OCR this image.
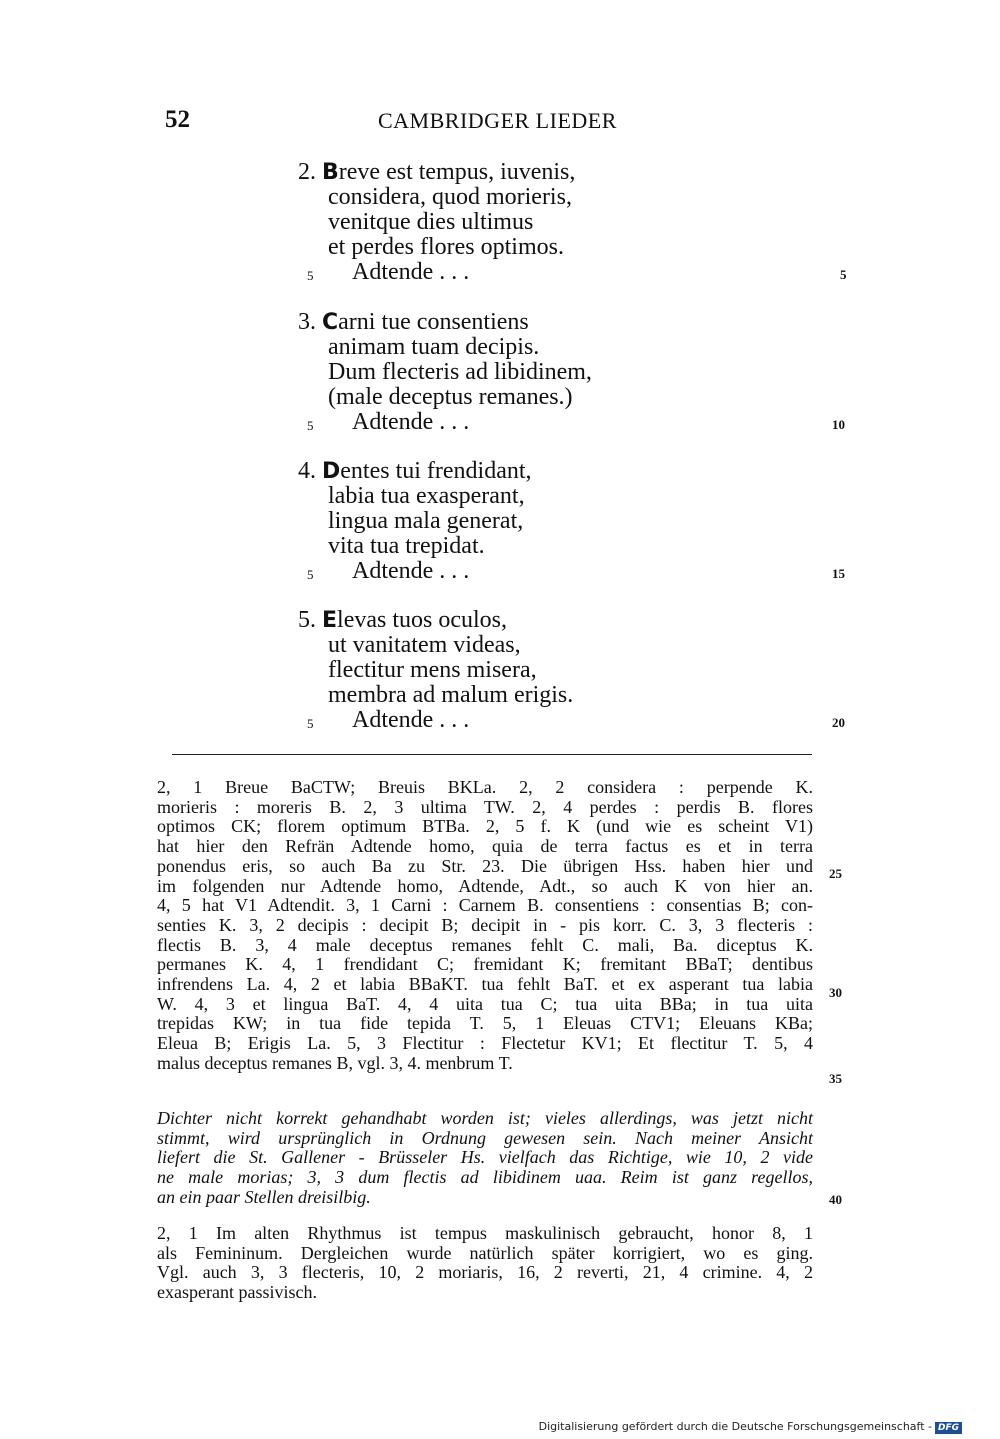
52	CAMBRIDGER LIEDER
2. Breve est tempus, iuvenis,
considera, quod morieris,
venitque dies ultimus
et perdes flores optimos.
Adtende . . .
5	5
3. Carni tue consentiens
animam tuam decipis.
Dum flecteris ad libidinem,
(male deceptus remanes.)
Adtende . . .
5	10
4. Dentes tui frendidant,
labia tua exasperant,
lingua mala generat,
vita tua trepidat.
Adtende . . .
5	15
5. Elevas tuos oculos,
ut vanitatem videas,
flectitur mens misera,
membra ad malum erigis.
Adtende . . .
5	20
2, 1 Breue BaCTW; Breuis BKLa. 2, 2 considera : perpende K.
morieris : moreris B. 2, 3 ultima TW. 2, 4 perdes : perdis B. flores
optimos CK; florem optimum BTBa. 2, 5 f. K (und wie es scheint V1)
hat hier den Refrän Adtende homo, quia de terra factus es et in terra
ponendus eris, so auch Ba zu Str. 23. Die übrigen Hss. haben hier und
im folgenden nur Adtende homo, Adtende, Adt., so auch K von hier an.
4, 5 hat V1 Adtendit. 3, 1 Carni : Carnem B. consentiens : consentias B; con-
senties K. 3, 2 decipis : decipit B; decipit in - pis korr. C. 3, 3 flecteris :
flectis B. 3, 4 male deceptus remanes fehlt C. mali, Ba. diceptus K.
permanes K. 4, 1 frendidant C; fremidant K; fremitant BBaT; dentibus
infrendens La. 4, 2 et labia BBaKT. tua fehlt BaT. et ex asperant tua labia
W. 4, 3 et lingua BaT. 4, 4 uita tua C; tua uita BBa; in tua uita
trepidas KW; in tua fide tepida T. 5, 1 Eleuas CTV1; Eleuans KBa;
Eleua B; Erigis La. 5, 3 Flectitur : Flectetur KV1; Et flectitur T. 5, 4
malus deceptus remanes B, vgl. 3, 4. menbrum T.
25
30
35
Dichter nicht korrekt gehandhabt worden ist; vieles allerdings, was jetzt nicht
stimmt, wird ursprünglich in Ordnung gewesen sein. Nach meiner Ansicht
liefert die St. Gallener - Brüsseler Hs. vielfach das Richtige, wie 10, 2 vide
ne male morias; 3, 3 dum flectis ad libidinem uaa. Reim ist ganz regellos,
an ein paar Stellen dreisilbig.	40
2, 1 Im alten Rhythmus ist tempus maskulinisch gebraucht, honor 8, 1
als Femininum. Dergleichen wurde natürlich später korrigiert, wo es ging.
Vgl. auch 3, 3 flecteris, 10, 2 moriaris, 16, 2 reverti, 21, 4 crimine. 4, 2
exasperant passivisch.
Digitalisierung gefördert durch die Deutsche Forschungsgemeinschaft - DFG
